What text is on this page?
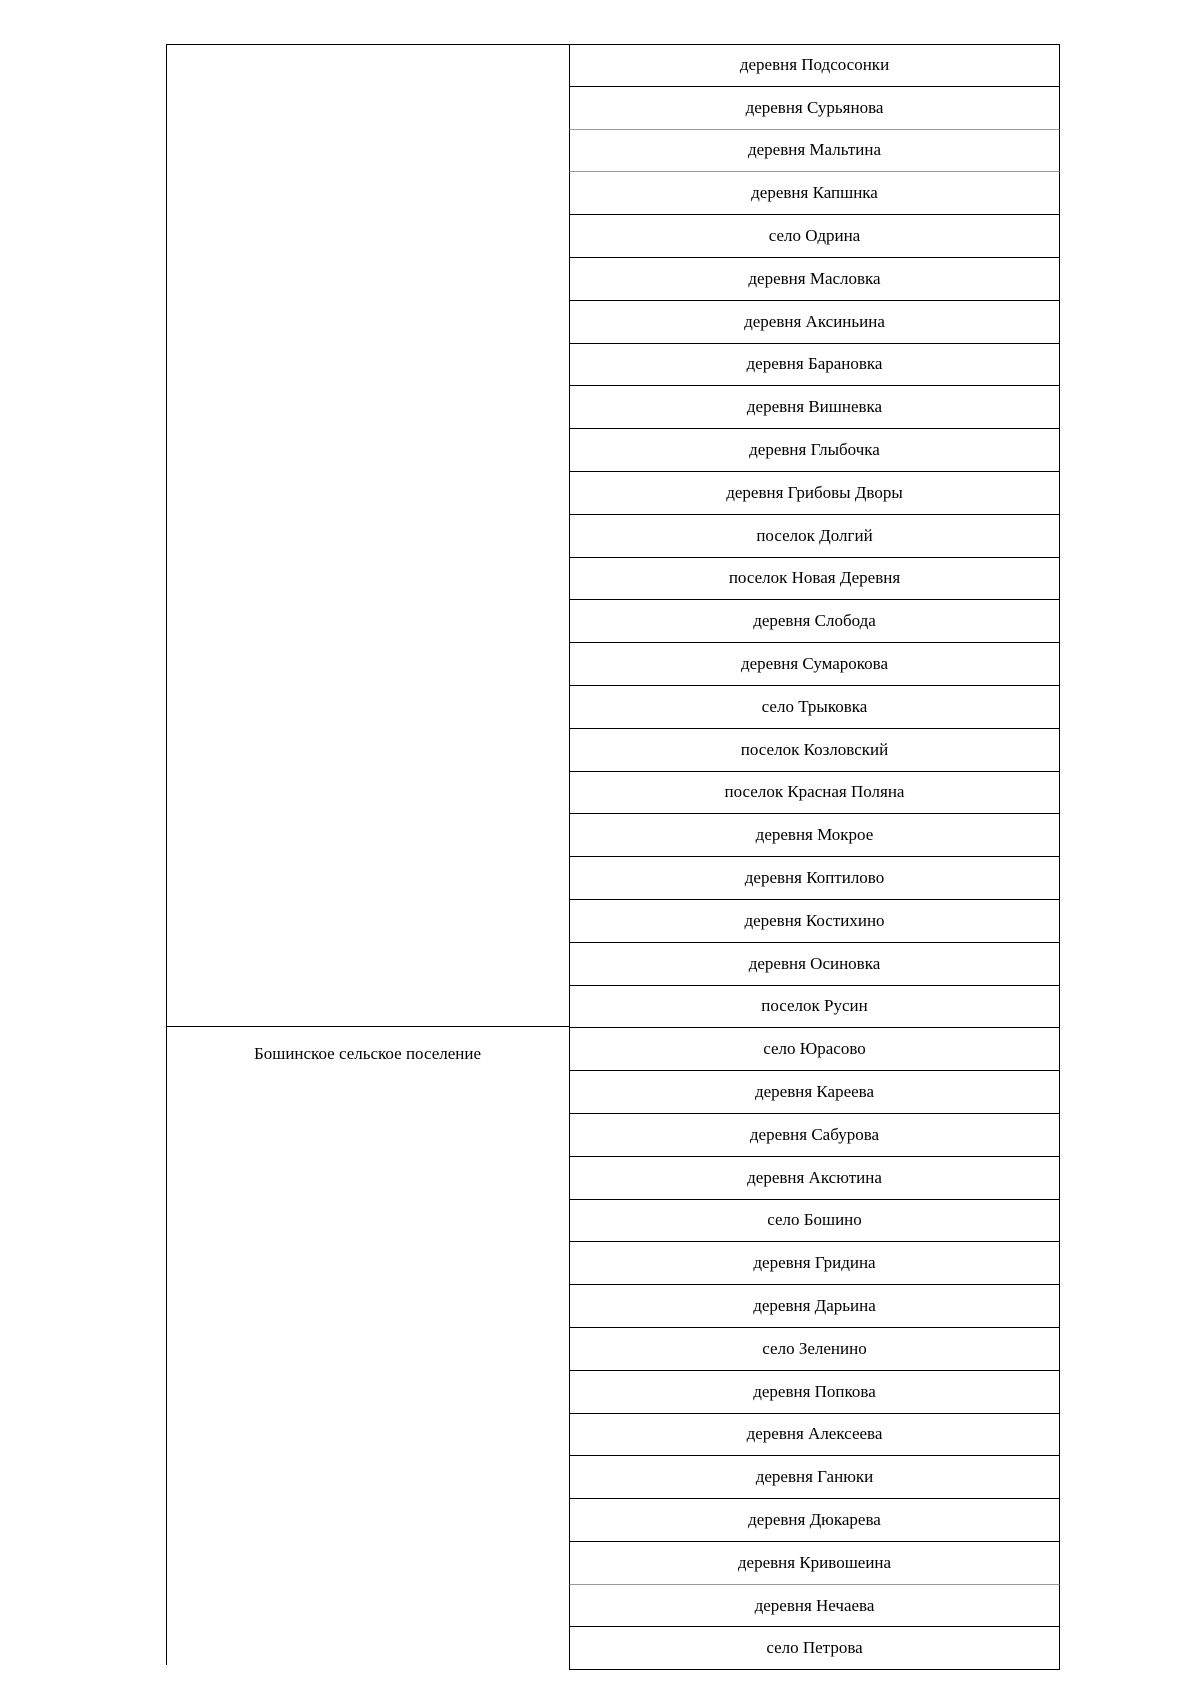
Бошинское сельское поселение
деревня Подсосонки
деревня Сурьянова
деревня Мальтина
деревня Капшнка
село Одрина
деревня Масловка
деревня Аксиньина
деревня Барановка
деревня Вишневка
деревня Глыбочка
деревня Грибовы Дворы
поселок Долгий
поселок Новая Деревня
деревня Слобода
деревня Сумарокова
село Трыковка
поселок Козловский
поселок Красная Поляна
деревня Мокрое
деревня Коптилово
деревня Костихино
деревня Осиновка
поселок Русин
село Юрасово
деревня Кареева
деревня Сабурова
деревня Аксютина
село Бошино
деревня Гридина
деревня Дарьина
село Зеленино
деревня Попкова
деревня Алексеева
деревня Ганюки
деревня Дюкарева
деревня Кривошеина
деревня Нечаева
село Петрова
